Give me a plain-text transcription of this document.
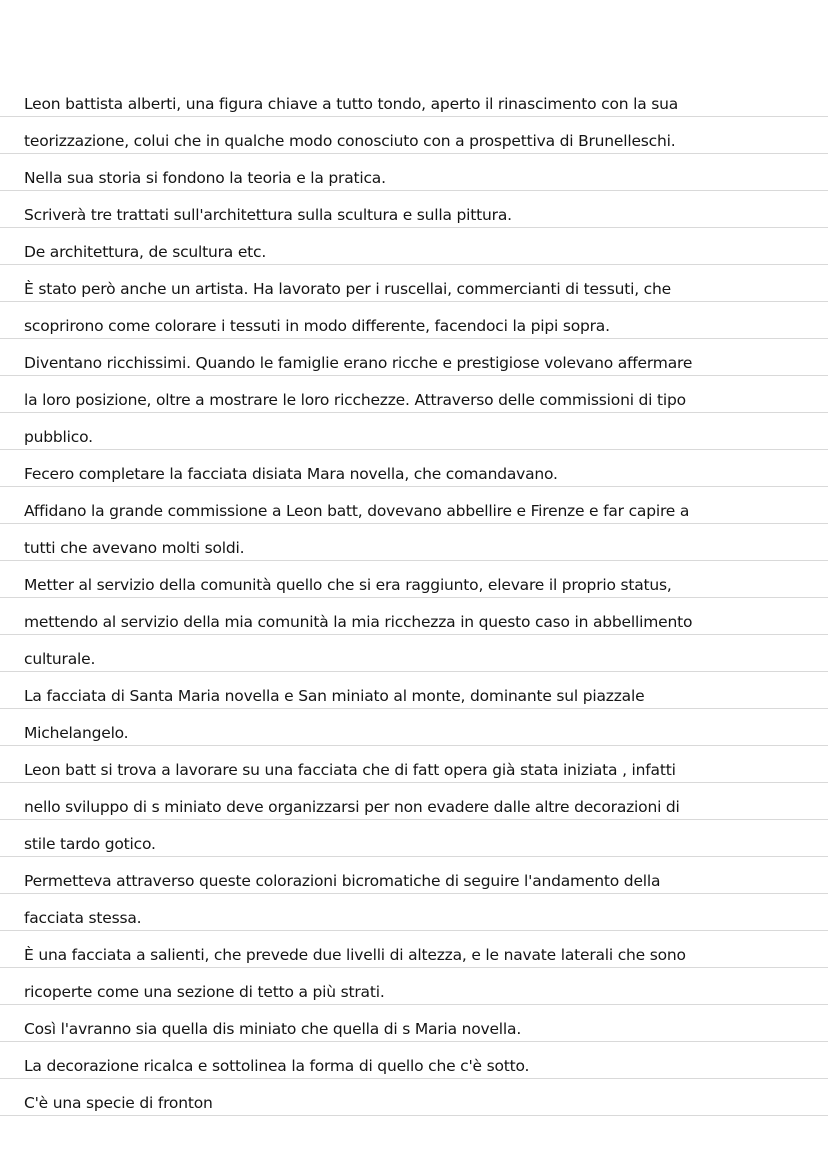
Leon battista alberti, una figura chiave a tutto tondo, aperto il rinascimento con la sua
teorizzazione, colui che in qualche modo conosciuto con a prospettiva di Brunelleschi.
Nella sua storia si fondono la teoria e la pratica.
Scriverà tre trattati sull'architettura sulla scultura e sulla pittura.
De architettura, de scultura etc.
È stato però anche un artista. Ha lavorato per i ruscellai, commercianti di tessuti, che
scoprirono come colorare i tessuti in modo differente, facendoci la pipi sopra.
Diventano ricchissimi. Quando le famiglie erano ricche e prestigiose volevano affermare
la loro posizione, oltre a mostrare le loro ricchezze. Attraverso delle commissioni di tipo
pubblico.
Fecero completare la facciata disiata Mara novella, che comandavano.
Affidano la grande commissione a Leon batt, dovevano abbellire e Firenze e far capire a
tutti che avevano molti soldi.
Metter al servizio della comunità quello che si era raggiunto, elevare il proprio status,
mettendo al servizio della mia comunità la mia ricchezza in questo caso in abbellimento
culturale.
La facciata di Santa Maria novella e San miniato al monte, dominante sul piazzale
Michelangelo.
Leon batt si trova a lavorare su una facciata che di fatt opera già stata iniziata , infatti
nello sviluppo di s miniato deve organizzarsi per non evadere dalle altre decorazioni di
stile tardo gotico.
Permetteva attraverso queste colorazioni bicromatiche di seguire l'andamento della
facciata stessa.
È una facciata a salienti, che prevede due livelli di altezza, e le navate laterali che sono
ricoperte come una sezione di tetto a più strati.
Così l'avranno sia quella dis miniato che quella di s Maria novella.
La decorazione ricalca e sottolinea la forma di quello che c'è sotto.
C'è una specie di fronton
